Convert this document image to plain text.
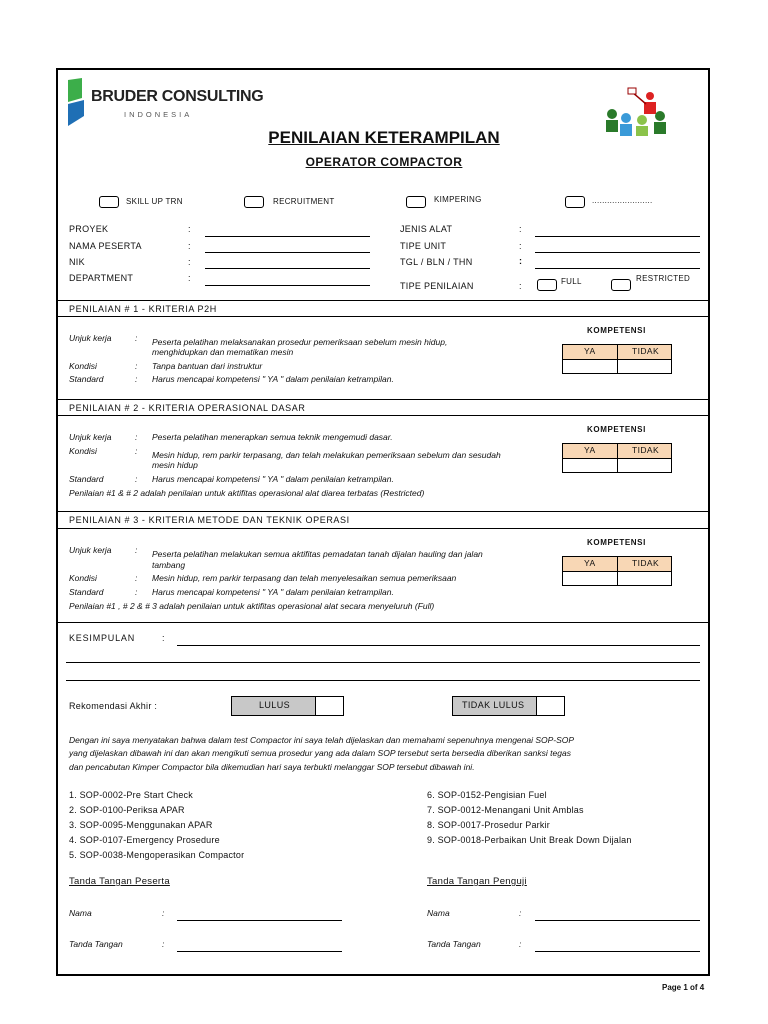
BRUDER CONSULTING
INDONESIA
PENILAIAN KETERAMPILAN
OPERATOR COMPACTOR
SKILL UP TRN	RECRUITMENT	KIMPERING	........................
PROYEK	:
NAMA PESERTA	:
NIK	:
DEPARTMENT	:
JENIS ALAT	:
TIPE UNIT	:
TGL / BLN / THN	:
TIPE PENILAIAN	:	FULL	RESTRICTED
PENILAIAN # 1 - KRITERIA P2H
Unjuk kerja	: Peserta pelatihan melaksanakan prosedur pemeriksaan sebelum mesin hidup,
menghidupkan dan mematikan mesin
Kondisi	: Tanpa bantuan dari instruktur
Standard	: Harus mencapai kompetensi " YA " dalam penilaian ketrampilan.
KOMPETENSI
YA	TIDAK
PENILAIAN # 2 - KRITERIA OPERASIONAL DASAR
Unjuk kerja	: Peserta pelatihan menerapkan semua teknik mengemudi dasar.
Kondisi	: Mesin hidup, rem parkir terpasang, dan telah melakukan pemeriksaan sebelum dan sesudah
mesin hidup
Standard	: Harus mencapai kompetensi " YA " dalam penilaian ketrampilan.
Penilaian #1 & # 2 adalah penilaian untuk aktifitas operasional alat diarea terbatas (Restricted)
KOMPETENSI
YA	TIDAK
PENILAIAN # 3 - KRITERIA METODE DAN TEKNIK OPERASI
Unjuk kerja	: Peserta pelatihan melakukan semua aktifitas pemadatan tanah dijalan hauling dan jalan
tambang
Kondisi	: Mesin hidup, rem parkir terpasang dan telah menyelesaikan semua pemeriksaan
Standard	: Harus mencapai kompetensi " YA " dalam penilaian ketrampilan.
Penilaian #1 , # 2 & # 3 adalah penilaian untuk aktifitas operasional alat secara menyeluruh (Full)
KOMPETENSI
YA	TIDAK
KESIMPULAN	:
Rekomendasi Akhir :	LULUS	TIDAK LULUS
Dengan ini saya menyatakan bahwa dalam test Compactor ini saya telah dijelaskan dan memahami sepenuhnya mengenai SOP-SOP
yang dijelaskan dibawah ini dan akan mengikuti semua prosedur yang ada dalam SOP tersebut serta bersedia diberikan sanksi tegas
dan pencabutan Kimper Compactor bila dikemudian hari saya terbukti melanggar SOP tersebut dibawah ini.
1. SOP-0002-Pre Start Check
2. SOP-0100-Periksa APAR
3. SOP-0095-Menggunakan APAR
4. SOP-0107-Emergency Prosedure
5. SOP-0038-Mengoperasikan Compactor
6. SOP-0152-Pengisian Fuel
7. SOP-0012-Menangani Unit Amblas
8. SOP-0017-Prosedur Parkir
9. SOP-0018-Perbaikan Unit Break Down Dijalan
Tanda Tangan Peserta	Tanda Tangan Penguji
Nama	:
Tanda Tangan	:
Nama	:
Tanda Tangan	:
Page 1 of 4
